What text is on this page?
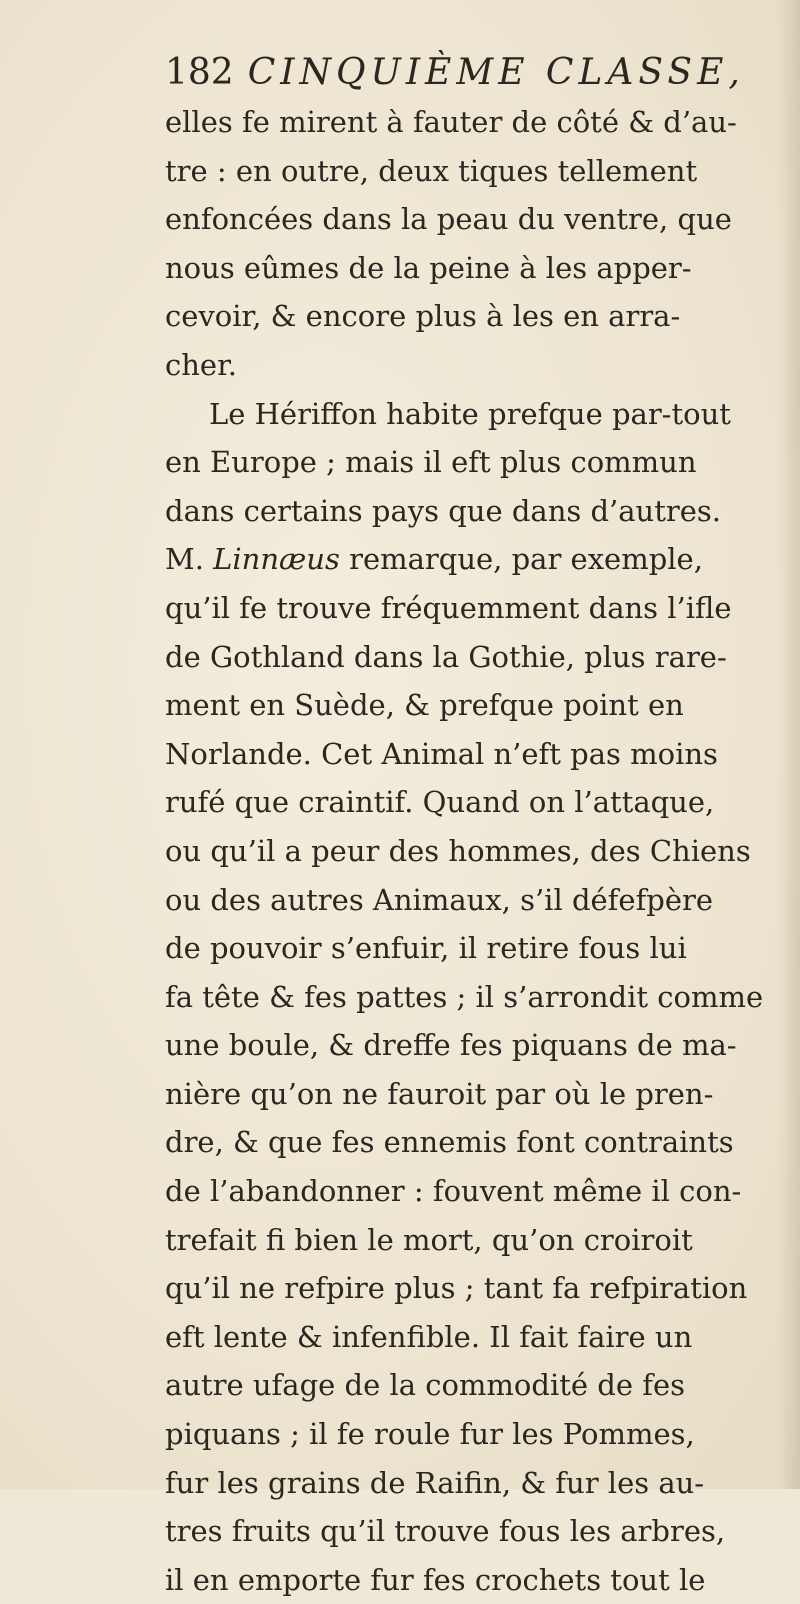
182 CINQUIÈME CLASSE,
elles fe mirent à fauter de côté & d’au-
tre : en outre, deux tiques tellement
enfoncées dans la peau du ventre, que
nous eûmes de la peine à les apper-
cevoir, & encore plus à les en arra-
cher.
Le Hériffon habite prefque par-tout
en Europe ; mais il eft plus commun
dans certains pays que dans d’autres.
M. Linnæus remarque, par exemple,
qu’il fe trouve fréquemment dans l’ifle
de Gothland dans la Gothie, plus rare-
ment en Suède, & prefque point en
Norlande. Cet Animal n’eft pas moins
rufé que craintif. Quand on l’attaque,
ou qu’il a peur des hommes, des Chiens
ou des autres Animaux, s’il défefpère
de pouvoir s’enfuir, il retire fous lui
fa tête & fes pattes ; il s’arrondit comme
une boule, & dreffe fes piquans de ma-
nière qu’on ne fauroit par où le pren-
dre, & que fes ennemis font contraints
de l’abandonner : fouvent même il con-
trefait fi bien le mort, qu’on croiroit
qu’il ne refpire plus ; tant fa refpiration
eft lente & infenfible. Il fait faire un
autre ufage de la commodité de fes
piquans ; il fe roule fur les Pommes,
fur les grains de Raifin, & fur les au-
tres fruits qu’il trouve fous les arbres,
il en emporte fur fes crochets tout le
